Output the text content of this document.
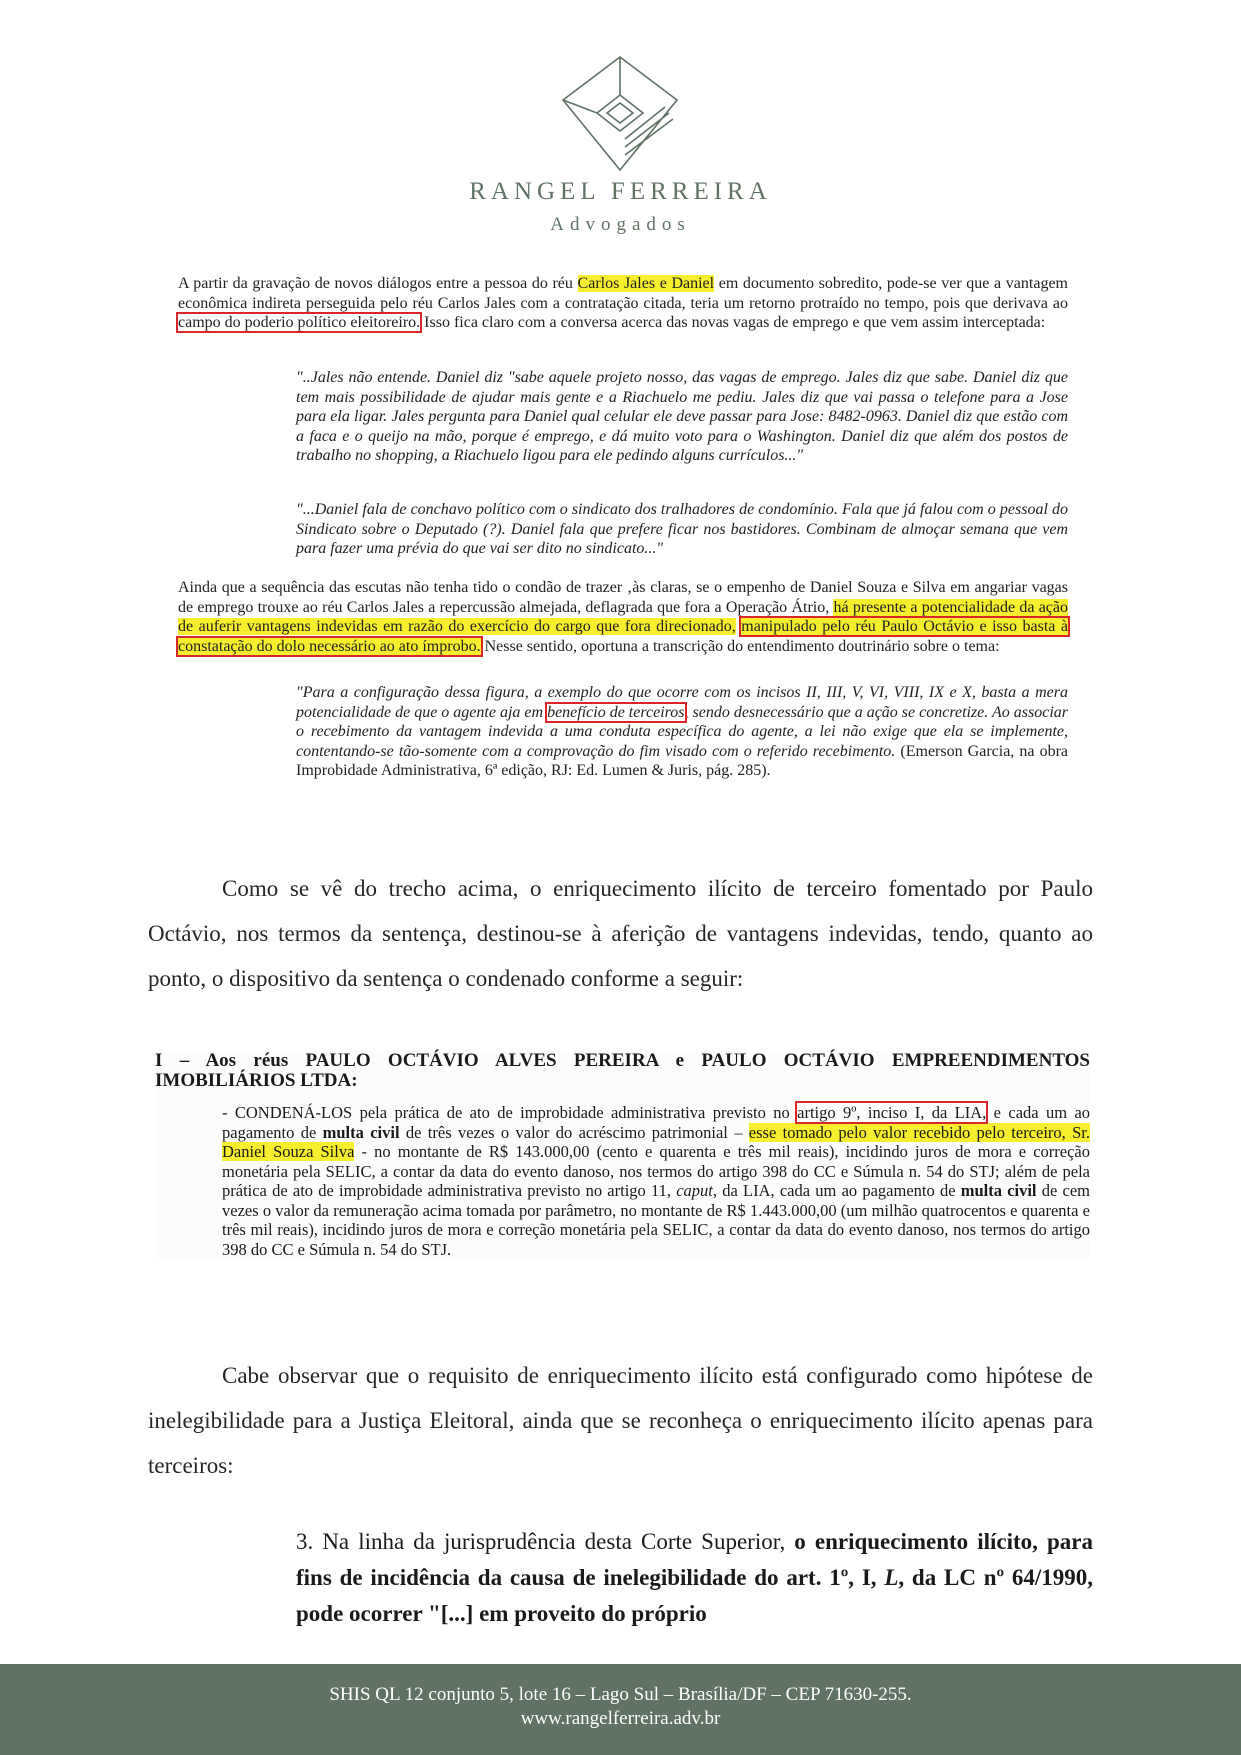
RANGEL FERREIRA
Advogados

A partir da gravação de novos diálogos entre a pessoa do réu Carlos Jales e Daniel em documento sobredito, pode-se ver que a vantagem econômica indireta perseguida pelo réu Carlos Jales com a contratação citada, teria um retorno protraído no tempo, pois que derivava ao campo do poderio político eleitoreiro. Isso fica claro com a conversa acerca das novas vagas de emprego e que vem assim interceptada:

"..Jales não entende. Daniel diz "sabe aquele projeto nosso, das vagas de emprego. Jales diz que sabe. Daniel diz que tem mais possibilidade de ajudar mais gente e a Riachuelo me pediu. Jales diz que vai passa o telefone para a Jose para ela ligar. Jales pergunta para Daniel qual celular ele deve passar para Jose: 8482-0963. Daniel diz que estão com a faca e o queijo na mão, porque é emprego, e dá muito voto para o Washington. Daniel diz que além dos postos de trabalho no shopping, a Riachuelo ligou para ele pedindo alguns currículos..."
"...Daniel fala de conchavo político com o sindicato dos tralhadores de condomínio. Fala que já falou com o pessoal do Sindicato sobre o Deputado (?). Daniel fala que prefere ficar nos bastidores. Combinam de almoçar semana que vem para fazer uma prévia do que vai ser dito no sindicato..."

Ainda que a sequência das escutas não tenha tido o condão de trazer ‚às claras, se o empenho de Daniel Souza e Silva em angariar vagas de emprego trouxe ao réu Carlos Jales a repercussão almejada, deflagrada que fora a Operação Átrio, há presente a potencialidade da ação de auferir vantagens indevidas em razão do exercício do cargo que fora direcionado, manipulado pelo réu Paulo Octávio e isso basta à constatação do dolo necessário ao ato ímprobo. Nesse sentido, oportuna a transcrição do entendimento doutrinário sobre o tema:

"Para a configuração dessa figura, a exemplo do que ocorre com os incisos II, III, V, VI, VIII, IX e X, basta a mera potencialidade de que o agente aja em benefício de terceiros, sendo desnecessário que a ação se concretize. Ao associar o recebimento da vantagem indevida a uma conduta específica do agente, a lei não exige que ela se implemente, contentando-se tão-somente com a comprovação do fim visado com o referido recebimento. (Emerson Garcia, na obra Improbidade Administrativa, 6ª edição, RJ: Ed. Lumen & Juris, pág. 285).
Como se vê do trecho acima, o enriquecimento ilícito de terceiro fomentado por Paulo Octávio, nos termos da sentença, destinou-se à aferição de vantagens indevidas, tendo, quanto ao ponto, o dispositivo da sentença o condenado conforme a seguir:
I – Aos réus PAULO OCTÁVIO ALVES PEREIRA e PAULO OCTÁVIO EMPREENDIMENTOS IMOBILIÁRIOS LTDA:
- CONDENÁ-LOS pela prática de ato de improbidade administrativa previsto no artigo 9º, inciso I, da LIA, e cada um ao pagamento de multa civil de três vezes o valor do acréscimo patrimonial – esse tomado pelo valor recebido pelo terceiro, Sr. Daniel Souza Silva - no montante de R$ 143.000,00 (cento e quarenta e três mil reais), incidindo juros de mora e correção monetária pela SELIC, a contar da data do evento danoso, nos termos do artigo 398 do CC e Súmula n. 54 do STJ; além de pela prática de ato de improbidade administrativa previsto no artigo 11, caput, da LIA, cada um ao pagamento de multa civil de cem vezes o valor da remuneração acima tomada por parâmetro, no montante de R$ 1.443.000,00 (um milhão quatrocentos e quarenta e três mil reais), incidindo juros de mora e correção monetária pela SELIC, a contar da data do evento danoso, nos termos do artigo 398 do CC e Súmula n. 54 do STJ.
Cabe observar que o requisito de enriquecimento ilícito está configurado como hipótese de inelegibilidade para a Justiça Eleitoral, ainda que se reconheça o enriquecimento ilícito apenas para terceiros:
3. Na linha da jurisprudência desta Corte Superior, o enriquecimento ilícito, para fins de incidência da causa de inelegibilidade do art. 1º, I, L, da LC nº 64/1990, pode ocorrer "[...] em proveito do próprio
SHIS QL 12 conjunto 5, lote 16 – Lago Sul – Brasília/DF – CEP 71630-255.
www.rangelferreira.adv.br
